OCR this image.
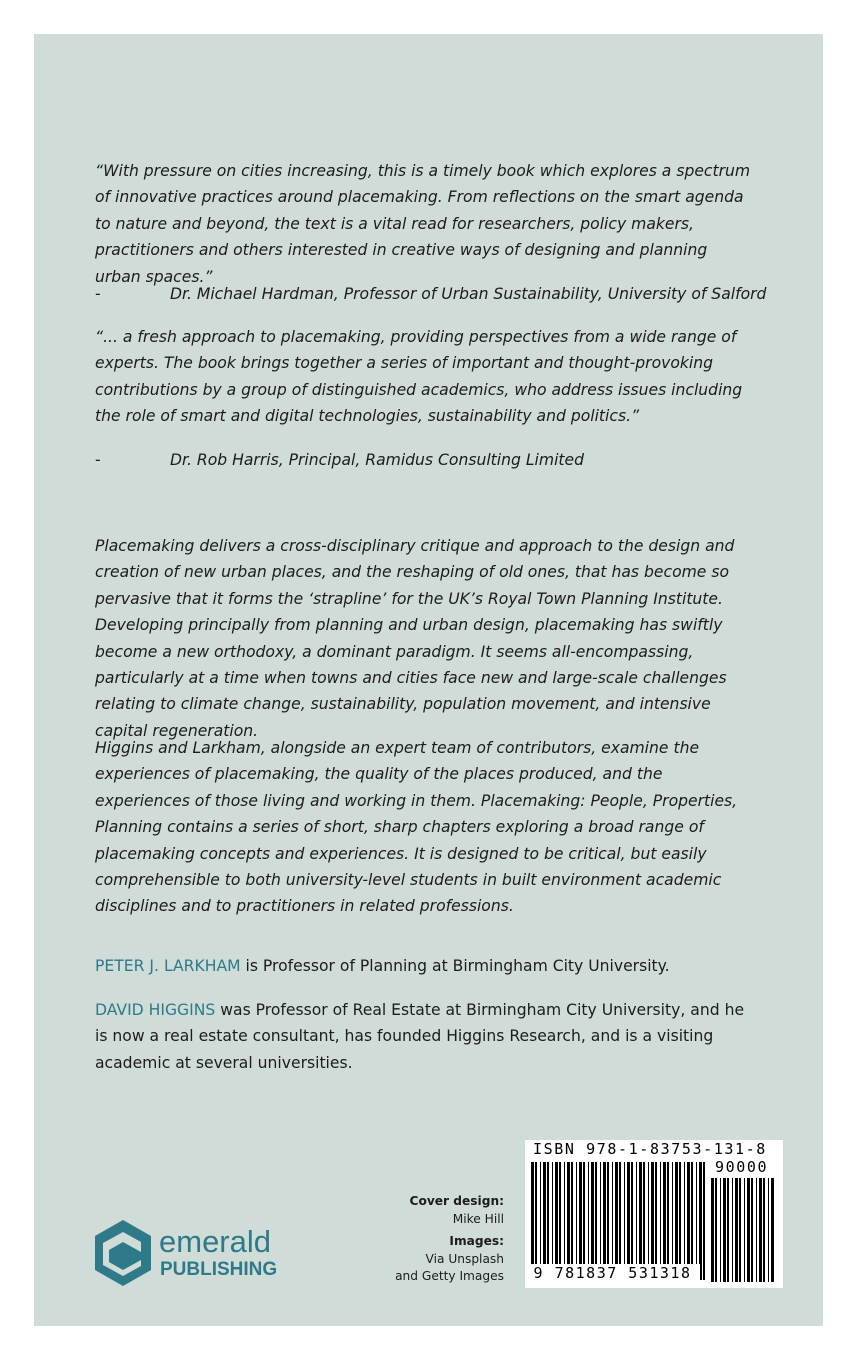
“With pressure on cities increasing, this is a timely book which explores a spectrum of innovative practices around placemaking. From reflections on the smart agenda to nature and beyond, the text is a vital read for researchers, policy makers, practitioners and others interested in creative ways of designing and planning urban spaces.”
-	Dr. Michael Hardman, Professor of Urban Sustainability, University of Salford
“... a fresh approach to placemaking, providing perspectives from a wide range of experts. The book brings together a series of important and thought-provoking contributions by a group of distinguished academics, who address issues including the role of smart and digital technologies, sustainability and politics.”
-	Dr. Rob Harris, Principal, Ramidus Consulting Limited
Placemaking delivers a cross-disciplinary critique and approach to the design and creation of new urban places, and the reshaping of old ones, that has become so pervasive that it forms the ‘strapline’ for the UK’s Royal Town Planning Institute. Developing principally from planning and urban design, placemaking has swiftly become a new orthodoxy, a dominant paradigm. It seems all-encompassing, particularly at a time when towns and cities face new and large-scale challenges relating to climate change, sustainability, population movement, and intensive capital regeneration.
Higgins and Larkham, alongside an expert team of contributors, examine the experiences of placemaking, the quality of the places produced, and the experiences of those living and working in them. Placemaking: People, Properties, Planning contains a series of short, sharp chapters exploring a broad range of placemaking concepts and experiences. It is designed to be critical, but easily comprehensible to both university-level students in built environment academic disciplines and to practitioners in related professions.
PETER J. LARKHAM is Professor of Planning at Birmingham City University.
DAVID HIGGINS was Professor of Real Estate at Birmingham City University, and he is now a real estate consultant, has founded Higgins Research, and is a visiting academic at several universities.
Cover design:
Mike Hill
Images:
Via Unsplash
and Getty Images
emerald
PUBLISHING
ISBN 978-1-83753-131-8
90000
9 781837 531318
